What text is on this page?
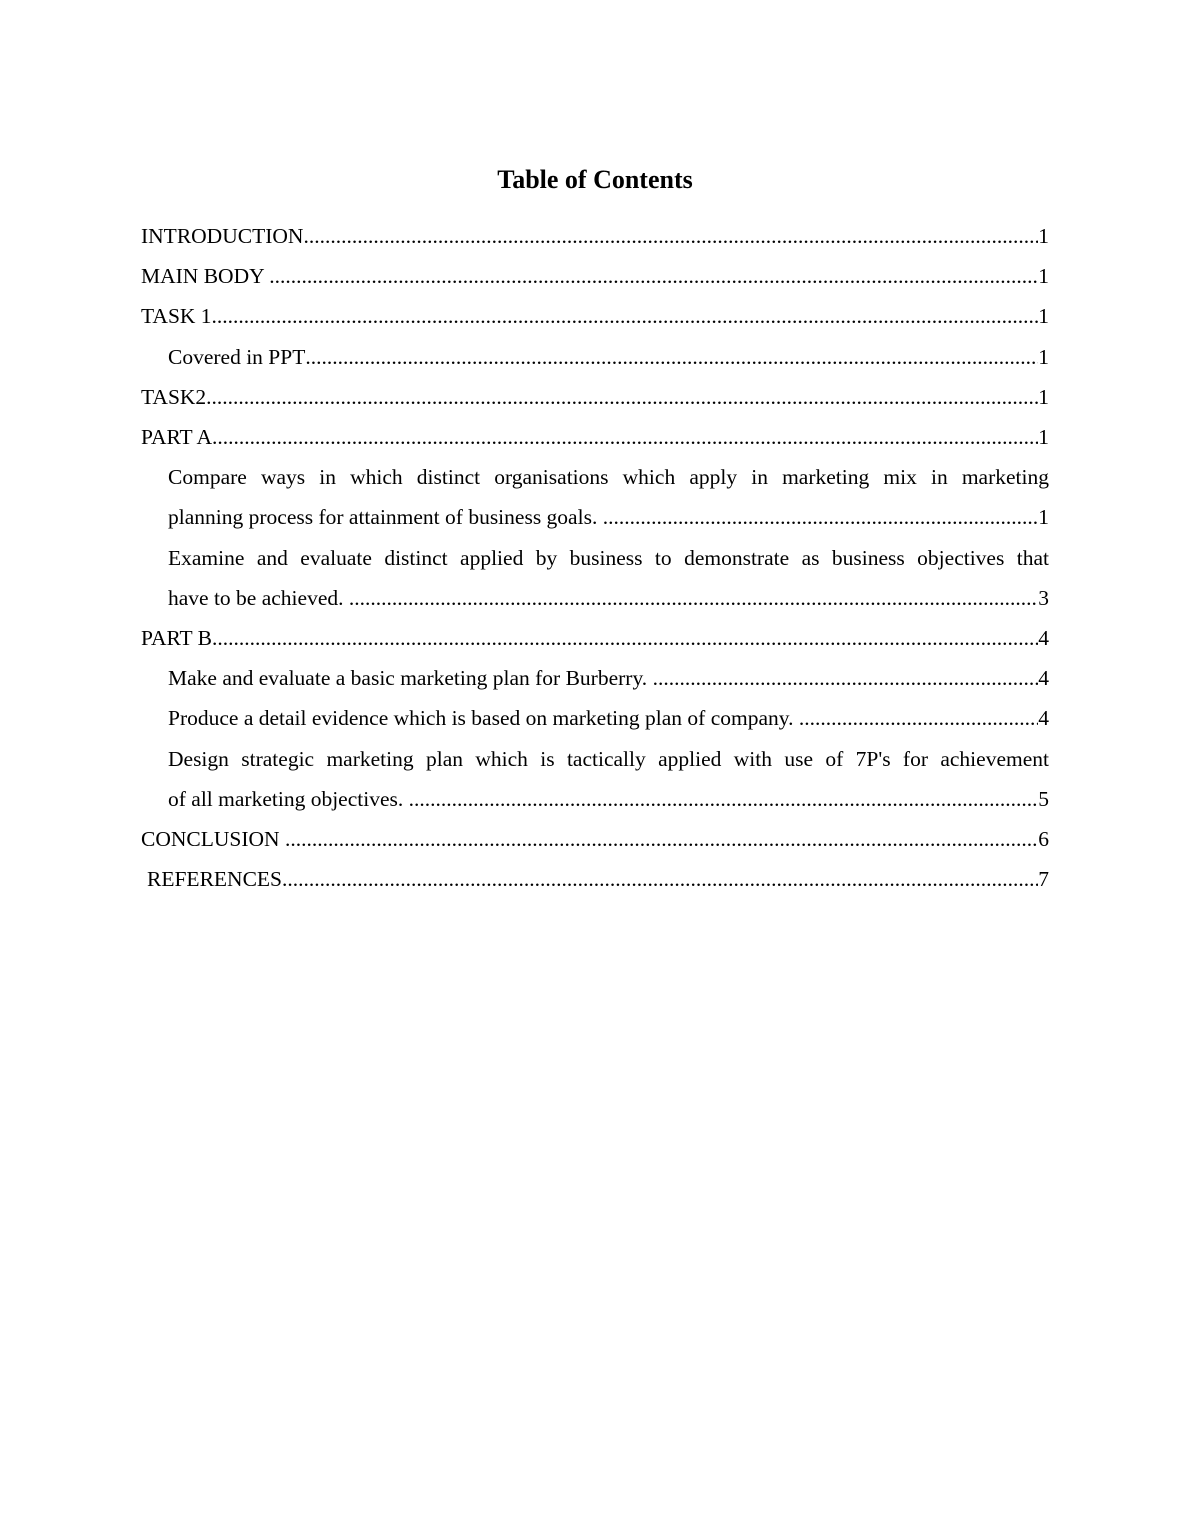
Table of Contents
INTRODUCTION .....	1
MAIN BODY .....	1
TASK 1 .....	1
Covered in PPT .....	1
TASK2 .....	1
PART A .....	1
Compare ways in which distinct organisations which apply in marketing mix in marketing
planning process for attainment of business goals. .....	1
Examine and evaluate distinct applied by business to demonstrate as business objectives that
have to be achieved. .....	3
PART B .....	4
Make and evaluate a basic marketing plan for Burberry. .....	4
Produce a detail evidence which is based on marketing plan of company. .....	4
Design strategic marketing plan which is tactically applied with use of 7P's for achievement
of all marketing objectives. .....	5
CONCLUSION .....	6
REFERENCES .....	7
